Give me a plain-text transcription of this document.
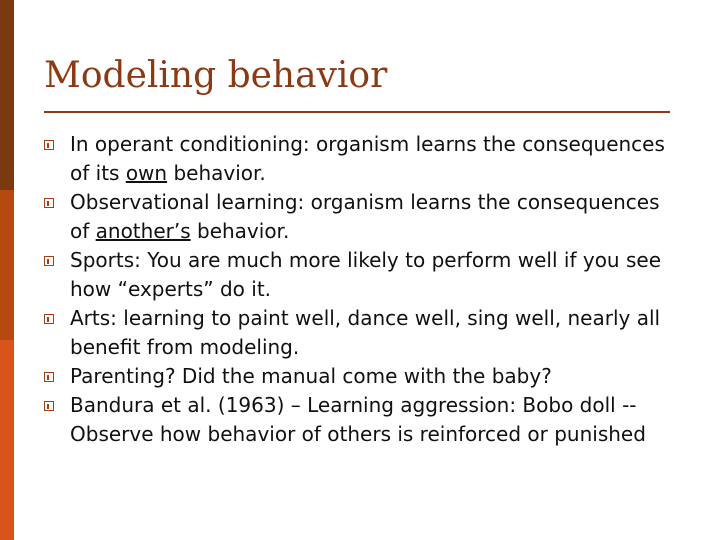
Modeling behavior
In operant conditioning: organism learns the consequences of its own behavior.
Observational learning: organism learns the consequences of another’s behavior.
Sports: You are much more likely to perform well if you see how “experts” do it.
Arts: learning to paint well, dance well, sing well, nearly all benefit from modeling.
Parenting? Did the manual come with the baby?
Bandura et al. (1963) – Learning aggression: Bobo doll -- Observe how behavior of others is reinforced or punished
